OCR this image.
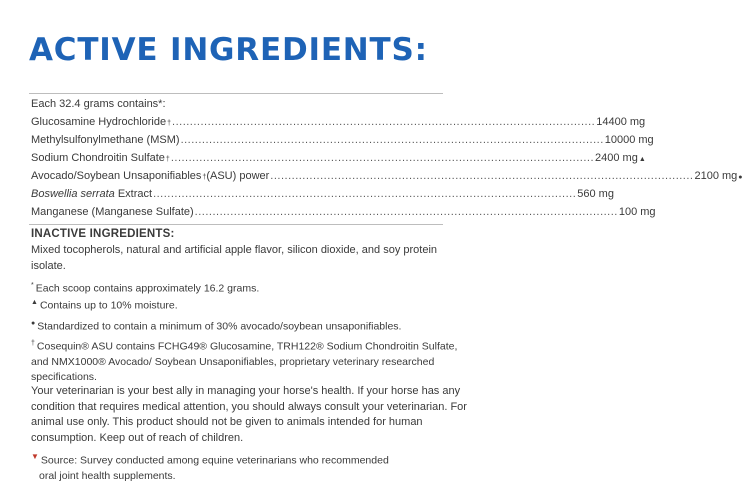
ACTIVE INGREDIENTS:
Each 32.4 grams contains*:
Glucosamine Hydrochloride † ....................................................................................................................... 14400 mg
Methylsulfonylmethane (MSM) ....................................................................................................................... 10000 mg
Sodium Chondroitin Sulfate † ....................................................................................................................... 2400 mg ▲
Avocado/Soybean Unsaponifiables † (ASU) power ....................................................................................................................... 2100 mg ●
Boswellia serrata Extract ....................................................................................................................... 560 mg
Manganese (Manganese Sulfate) ....................................................................................................................... 100 mg
INACTIVE INGREDIENTS:
Mixed tocopherols, natural and artificial apple flavor, silicon dioxide, and soy protein isolate.
* Each scoop contains approximately 16.2 grams.
▲ Contains up to 10% moisture.
● Standardized to contain a minimum of 30% avocado/soybean unsaponifiables.
† Cosequin® ASU contains FCHG49® Glucosamine, TRH122® Sodium Chondroitin Sulfate, and NMX1000® Avocado/ Soybean Unsaponifiables, proprietary veterinary researched specifications.
Your veterinarian is your best ally in managing your horse's health. If your horse has any condition that requires medical attention, you should always consult your veterinarian. For animal use only. This product should not be given to animals intended for human consumption. Keep out of reach of children.
▼ Source: Survey conducted among equine veterinarians who recommended
oral joint health supplements.
